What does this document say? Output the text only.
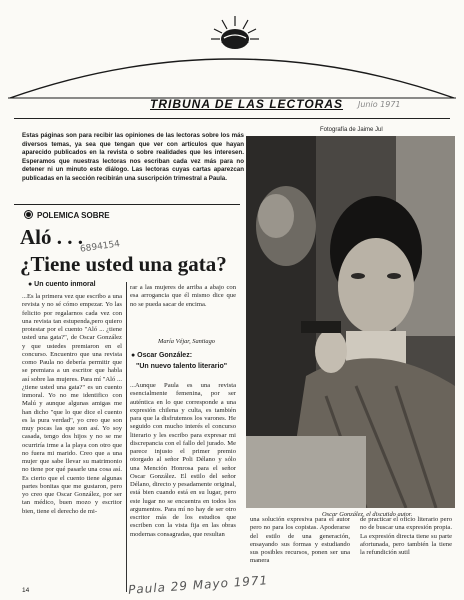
TRIBUNA DE LAS LECTORAS Junio 1971
Estas páginas son para recibir las opiniones de las lectoras sobre los más diversos temas, ya sea que tengan que ver con artículos que hayan aparecido publicados en la revista o sobre realidades que les interesen. Esperamos que nuestras lectoras nos escriban cada vez más para no detener ni un minuto este diálogo. Las lectoras cuyas cartas aparezcan publicadas en la sección recibirán una suscripción trimestral a Paula.
Fotografía de Jaime Jul
Oscar González, el discutido autor.
POLEMICA SOBRE
Aló . . .
6894154
¿Tiene usted una gata?
● Un cuento inmoral
...Es la primera vez que escribo a una revista y no sé cómo empezar. Yo las felicito por regalarnos cada vez con una revista tan estupenda,pero quiero protestar por el cuento "Aló ... ¿tiene usted una gata?", de Oscar González y que ustedes premiaron en el concurso. Encuentro que una revista como Paula no debería permitir que se premiara a un escritor que habla así sobre las mujeres. Para mí "Aló ... ¿tiene usted una gata?" es un cuento inmoral. Yo no me identifico con Malú y aunque algunas amigas me han dicho "que lo que dice el cuento es la pura verdad", yo creo que son muy pocas las que son así. Yo soy casada, tengo dos hijos y no se me ocurriría irme a la playa con otro que no fuera mi marido. Creo que a una mujer que sabe llevar su matrimonio no tiene por qué pasarle una cosa así. Es cierto que el cuento tiene algunas partes bonitas que me gustaron, pero yo creo que Oscar González, por ser tan médico, buen mozo y escritor bien, tiene el derecho de mi-
rar a las mujeres de arriba a abajo con esa arrogancia que él mismo dice que no se pueda sacar de encima.
María Véjar, Santiago
● Oscar González:
"Un nuevo talento literario"
...Aunque Paula es una revista esencialmente femenina, por ser auténtica en lo que corresponde a una expresión chilena y culta, es también para que la disfrutemos los varones. He seguido con mucho interés el concurso literario y les escribo para expresar mi discrepancia con el fallo del jurado. Me parece injusto el primer premio otorgado al señor Poli Délano y sólo una Mención Honrosa para el señor Oscar González. El estilo del señor Délano, directo y pesadamente original, está bien cuando está en su lugar, pero este lugar no se encuentra en todos los argumentos. Para mí no hay de ser otro escritor más de los estudios que escriben con la vista fija en las obras modernas consagradas, que resultan
una solución expresiva para el autor pero no para los copistas. Apoderarse del estilo de una generación, ensayando sus formas y estudiando sus posibles recursos, ponen ser una manera
de practicar el oficio literario pero no de buscar una expresión propia. La expresión directa tiene su parte afortunada, pero también la tiene la refundición sutil
14	Paula 29 Mayo 1971
